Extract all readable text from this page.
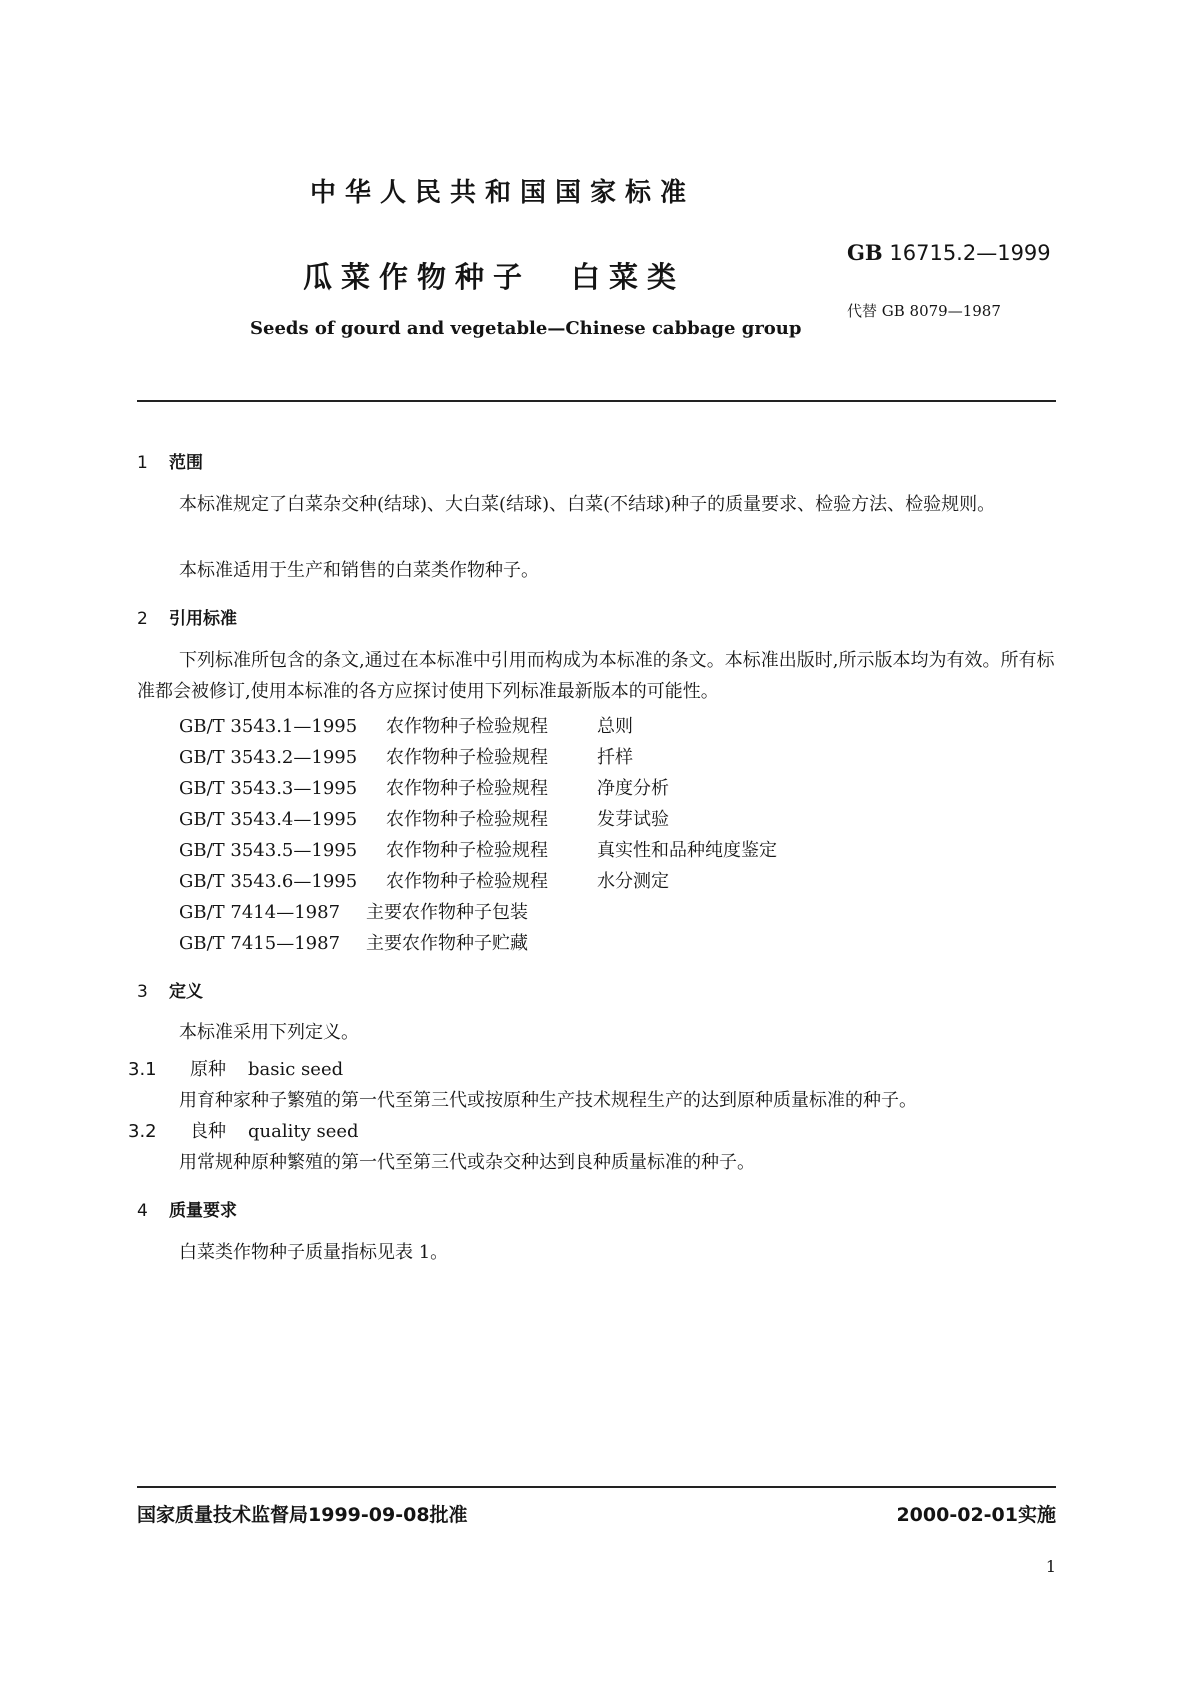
中华人民共和国国家标准
瓜菜作物种子 白菜类
Seeds of gourd and vegetable—Chinese cabbage group
GB 16715.2—1999
代替 GB 8079—1987
1 范围
本标准规定了白菜杂交种(结球)、大白菜(结球)、白菜(不结球)种子的质量要求、检验方法、检验规则。
本标准适用于生产和销售的白菜类作物种子。
2 引用标准
下列标准所包含的条文,通过在本标准中引用而构成为本标准的条文。本标准出版时,所示版本均为有效。所有标准都会被修订,使用本标准的各方应探讨使用下列标准最新版本的可能性。
GB/T 3543.1—1995 农作物种子检验规程	总则
GB/T 3543.2—1995 农作物种子检验规程	扦样
GB/T 3543.3—1995 农作物种子检验规程	净度分析
GB/T 3543.4—1995 农作物种子检验规程	发芽试验
GB/T 3543.5—1995 农作物种子检验规程	真实性和品种纯度鉴定
GB/T 3543.6—1995 农作物种子检验规程	水分测定
GB/T 7414—1987 主要农作物种子包装
GB/T 7415—1987 主要农作物种子贮藏
3 定义
本标准采用下列定义。
3.1 原种 basic seed
用育种家种子繁殖的第一代至第三代或按原种生产技术规程生产的达到原种质量标准的种子。
3.2 良种 quality seed
用常规种原种繁殖的第一代至第三代或杂交种达到良种质量标准的种子。
4 质量要求
白菜类作物种子质量指标见表 1。
国家质量技术监督局1999-09-08批准	2000-02-01实施
1
